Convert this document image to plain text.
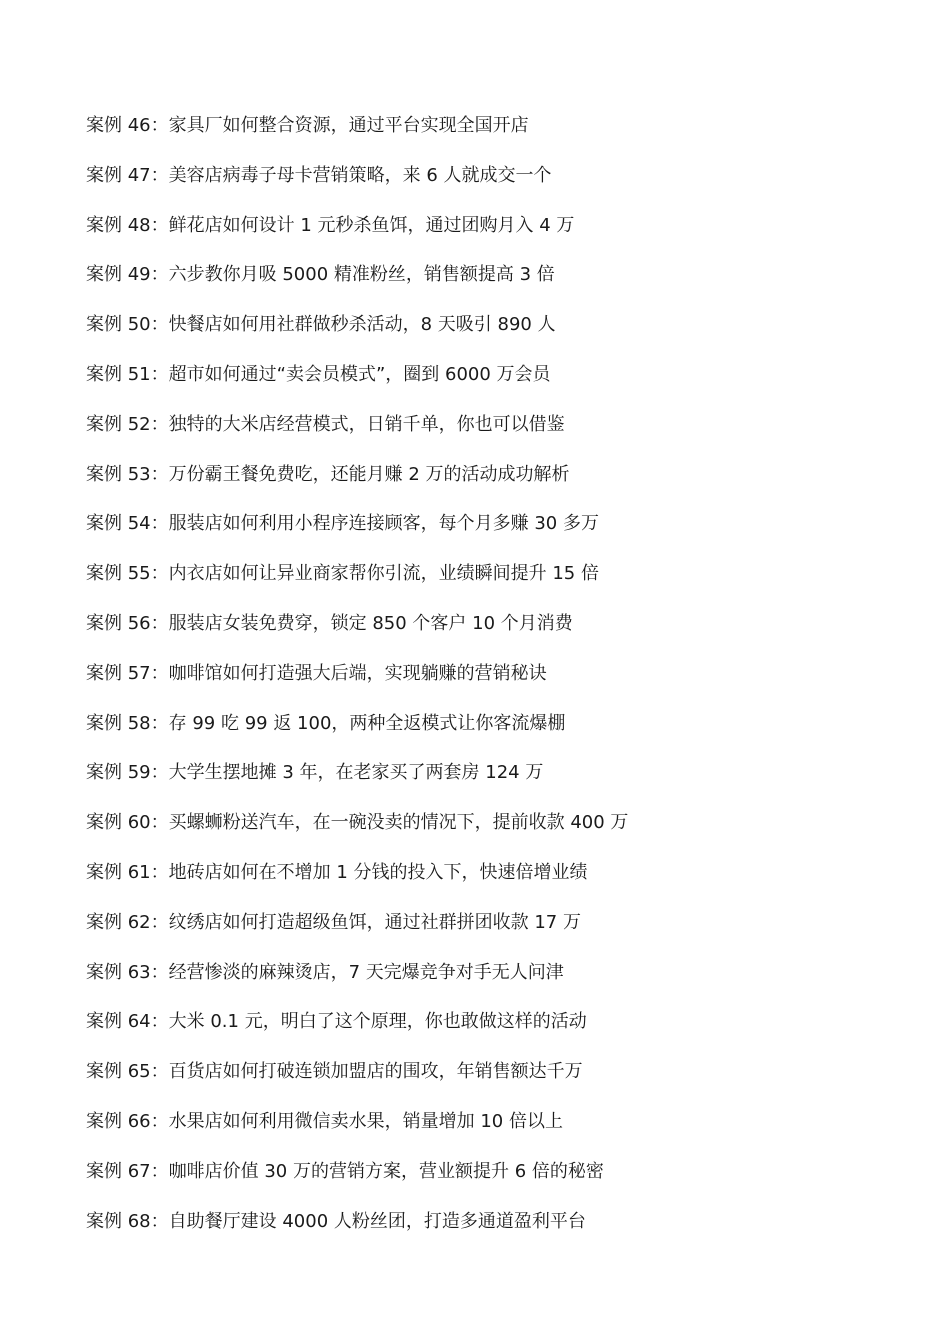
案例 46：家具厂如何整合资源，通过平台实现全国开店
案例 47：美容店病毒子母卡营销策略，来 6 人就成交一个
案例 48：鲜花店如何设计 1 元秒杀鱼饵，通过团购月入 4 万
案例 49：六步教你月吸 5000 精准粉丝，销售额提高 3 倍
案例 50：快餐店如何用社群做秒杀活动，8 天吸引 890 人
案例 51：超市如何通过“卖会员模式”，圈到 6000 万会员
案例 52：独特的大米店经营模式，日销千单，你也可以借鉴
案例 53：万份霸王餐免费吃，还能月赚 2 万的活动成功解析
案例 54：服装店如何利用小程序连接顾客，每个月多赚 30 多万
案例 55：内衣店如何让异业商家帮你引流，业绩瞬间提升 15 倍
案例 56：服装店女装免费穿，锁定 850 个客户 10 个月消费
案例 57：咖啡馆如何打造强大后端，实现躺赚的营销秘诀
案例 58：存 99 吃 99 返 100，两种全返模式让你客流爆棚
案例 59：大学生摆地摊 3 年，在老家买了两套房 124 万
案例 60：买螺蛳粉送汽车，在一碗没卖的情况下，提前收款 400 万
案例 61：地砖店如何在不增加 1 分钱的投入下，快速倍增业绩
案例 62：纹绣店如何打造超级鱼饵，通过社群拼团收款 17 万
案例 63：经营惨淡的麻辣烫店，7 天完爆竞争对手无人问津
案例 64：大米 0.1 元，明白了这个原理，你也敢做这样的活动
案例 65：百货店如何打破连锁加盟店的围攻，年销售额达千万
案例 66：水果店如何利用微信卖水果，销量增加 10 倍以上
案例 67：咖啡店价值 30 万的营销方案，营业额提升 6 倍的秘密
案例 68：自助餐厅建设 4000 人粉丝团，打造多通道盈利平台
